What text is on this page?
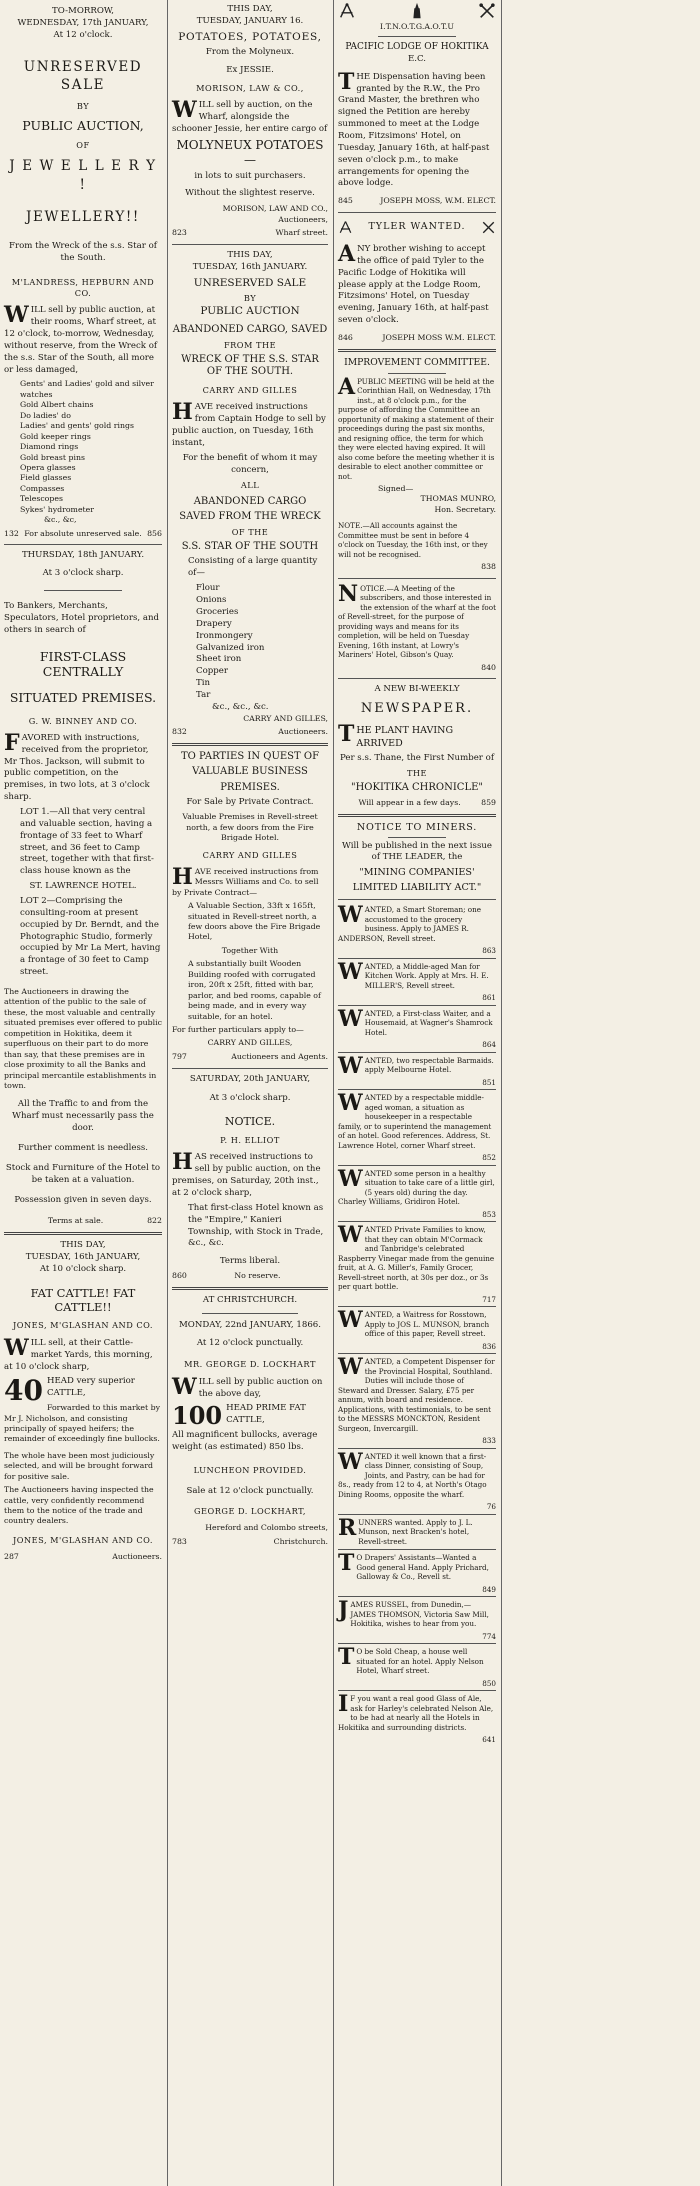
TO-MORROW,
WEDNESDAY, 17th JANUARY,
At 12 o'clock.
UNRESERVED SALE
BY
PUBLIC AUCTION,
OF
J E W E L L E R Y !
JEWELLERY!!

From the Wreck of the s.s. Star of the South.

M'LANDRESS, HEPBURN AND CO.

WILL sell by public auction, at their rooms, Wharf street, at 12 o'clock, to-morrow, Wednesday, without reserve, from the Wreck of the s.s. Star of the South, all more or less damaged,

Gents' and Ladies' gold and silver watches
Gold Albert chains
Do ladies' do
Ladies' and gents' gold rings
Gold keeper rings
Diamond rings
Gold breast pins
Opera glasses
Field glasses
Compasses
Telescopes
Sykes' hydrometer
&c., &c,
132 For absolute unreserved sale. 856
THURSDAY, 18th JANUARY.
At 3 o'clock sharp.

To Bankers, Merchants, Speculators, Hotel proprietors, and others in search of

FIRST-CLASS CENTRALLY
SITUATED PREMISES.
G. W. BINNEY AND CO.

FAVORED with instructions, received from the proprietor, Mr Thos. Jackson, will submit to public competition, on the premises, in two lots, at 3 o'clock sharp.

LOT 1.—All that very central and valuable section, having a frontage of 33 feet to Wharf street, and 36 feet to Camp street, together with that first-class house known as the

ST. LAWRENCE HOTEL.

LOT 2—Comprising the consulting-room at present occupied by Dr. Berndt, and the Photographic Studio, formerly occupied by Mr La Mert, having a frontage of 30 feet to Camp street.

The Auctioneers in drawing the attention of the public to the sale of these, the most valuable and centrally situated premises ever offered to public competition in Hokitika, deem it superfluous on their part to do more than say, that these premises are in close proximity to all the Banks and principal mercantile establishments in town.

All the Traffic to and from the Wharf must necessarily pass the door.

Further comment is needless.

Stock and Furniture of the Hotel to be taken at a valuation.

Possession given in seven days.

Terms at sale.	822
THIS DAY,
TUESDAY, 16th JANUARY,
At 10 o'clock sharp.
FAT CATTLE! FAT CATTLE!!
JONES, M'GLASHAN AND CO.

WILL sell, at their Cattle-market Yards, this morning, at 10 o'clock sharp,

40 HEAD very superior CATTLE,

Forwarded to this market by Mr J. Nicholson, and consisting principally of spayed heifers; the remainder of exceedingly fine bullocks.

The whole have been most judiciously selected, and will be brought forward for positive sale.

The Auctioneers having inspected the cattle, very confidently recommend them to the notice of the trade and country dealers.

JONES, M'GLASHAN AND CO.
287	Auctioneers.
THIS DAY,
TUESDAY, JANUARY 16.
POTATOES, POTATOES,
From the Molyneux.
Ex JESSIE.
MORISON, LAW & CO.,

WILL sell by auction, on the Wharf, alongside the schooner Jessie, her entire cargo of

MOLYNEUX POTATOES—
in lots to suit purchasers.
Without the slightest reserve.
MORISON, LAW AND CO.,
Auctioneers,
823	Wharf street.
THIS DAY,
TUESDAY, 16th JANUARY.
UNRESERVED SALE
BY
PUBLIC AUCTION
ABANDONED CARGO, SAVED
FROM THE
WRECK OF THE S.S. STAR OF THE SOUTH.
CARRY AND GILLES

HAVE received instructions from Captain Hodge to sell by public auction, on Tuesday, 16th instant,

For the benefit of whom it may concern,

ALL
ABANDONED CARGO
SAVED FROM THE WRECK
OF THE
S.S. STAR OF THE SOUTH

Consisting of a large quantity of—

Flour
Onions
Groceries
Drapery
Ironmongery
Galvanized iron
Sheet iron
Copper
Tin
Tar
&c., &c., &c.
CARRY AND GILLES,
832	Auctioneers.
TO PARTIES IN QUEST OF
VALUABLE BUSINESS
PREMISES.
For Sale by Private Contract.

Valuable Premises in Revell-street north, a few doors from the Fire Brigade Hotel.

CARRY AND GILLES

HAVE received instructions from Messrs Williams and Co. to sell by Private Contract—

A Valuable Section, 33ft x 165ft, situated in Revell-street north, a few doors above the Fire Brigade Hotel,

Together With

A substantially built Wooden Building roofed with corrugated iron, 20ft x 25ft, fitted with bar, parlor, and bed rooms, capable of being made, and in every way suitable, for an hotel.

For further particulars apply to—

CARRY AND GILLES,
797	Auctioneers and Agents.
SATURDAY, 20th JANUARY,
At 3 o'clock sharp.
NOTICE.
P. H. ELLIOT

HAS received instructions to sell by public auction, on the premises, on Saturday, 20th inst., at 2 o'clock sharp,

That first-class Hotel known as the "Empire," Kanieri Township, with Stock in Trade, &c., &c.

Terms liberal.
860	No reserve.
AT CHRISTCHURCH.
MONDAY, 22nd JANUARY, 1866.
At 12 o'clock punctually.
MR. GEORGE D. LOCKHART

WILL sell by public auction on the above day,

100 HEAD PRIME FAT CATTLE,

All magnificent bullocks, average weight (as estimated) 850 lbs.

LUNCHEON PROVIDED.
Sale at 12 o'clock punctually.
GEORGE D. LOCKHART,
Hereford and Colombo streets,
783	Christchurch.
I.T.N.O.T.G.A.O.T.U
PACIFIC LODGE OF HOKITIKA
E.C.

THE Dispensation having been granted by the R.W., the Pro Grand Master, the brethren who signed the Petition are hereby summoned to meet at the Lodge Room, Fitzsimons' Hotel, on Tuesday, January 16th, at half-past seven o'clock p.m., to make arrangements for opening the above lodge.

845	JOSEPH MOSS, W.M. ELECT.
TYLER WANTED.

ANY brother wishing to accept the office of paid Tyler to the Pacific Lodge of Hokitika will please apply at the Lodge Room, Fitzsimons' Hotel, on Tuesday evening, January 16th, at half-past seven o'clock.

846	JOSEPH MOSS W.M. ELECT.
IMPROVEMENT COMMITTEE.

APUBLIC MEETING will be held at the Corinthian Hall, on Wednesday, 17th inst., at 8 o'clock p.m., for the purpose of affording the Committee an opportunity of making a statement of their proceedings during the past six months, and resigning office, the term for which they were elected having expired. It will also come before the meeting whether it is desirable to elect another committee or not.

Signed—
THOMAS MUNRO,
Hon. Secretary.

NOTE.—All accounts against the Committee must be sent in before 4 o'clock on Tuesday, the 16th inst, or they will not be recognised.

838

NOTICE.—A Meeting of the subscribers, and those interested in the extension of the wharf at the foot of Revell-street, for the purpose of providing ways and means for its completion, will be held on Tuesday Evening, 16th instant, at Lowry's Mariners' Hotel, Gibson's Quay.

840
A NEW BI-WEEKLY
NEWSPAPER.

THE PLANT HAVING ARRIVED

Per s.s. Thane, the First Number of
THE
"HOKITIKA CHRONICLE"
Will appear in a few days.	859
NOTICE TO MINERS.

Will be published in the next issue of THE LEADER, the

"MINING COMPANIES'
LIMITED LIABILITY ACT."

WANTED, a Smart Storeman; one accustomed to the grocery business. Apply to JAMES R. ANDERSON, Revell street.

863

WANTED, a Middle-aged Man for Kitchen Work. Apply at Mrs. H. E. MILLER'S, Revell street.

861

WANTED, a First-class Waiter, and a Housemaid, at Wagner's Shamrock Hotel.

864

WANTED, two respectable Barmaids. apply Melbourne Hotel.

851

WANTED by a respectable middle-aged woman, a situation as housekeeper in a respectable family, or to superintend the management of an hotel. Good references. Address, St. Lawrence Hotel, corner Wharf street.

852

WANTED some person in a healthy situation to take care of a little girl, (5 years old) during the day. Charley Williams, Gridiron Hotel.

853

WANTED Private Families to know, that they can obtain M'Cormack and Tanbridge's celebrated Raspberry Vinegar made from the genuine fruit, at A. G. Miller's, Family Grocer, Revell-street north, at 30s per doz., or 3s per quart bottle.

717

WANTED, a Waitress for Rosstown, Apply to JOS L. MUNSON, branch office of this paper, Revell street.

836

WANTED, a Competent Dispenser for the Provincial Hospital, Southland. Duties will include those of Steward and Dresser. Salary, £75 per annum, with board and residence. Applications, with testimonials, to be sent to the MESSRS MONCKTON, Resident Surgeon, Invercargill.

833

WANTED it well known that a first-class Dinner, consisting of Soup, Joints, and Pastry, can be had for 8s., ready from 12 to 4, at North's Otago Dining Rooms, opposite the wharf.

76

RUNNERS wanted. Apply to J. L. Munson, next Bracken's hotel, Revell-street.

TO Drapers' Assistants—Wanted a Good general Hand. Apply Prichard, Galloway & Co., Revell st.

849

JAMES RUSSEL, from Dunedin,— JAMES THOMSON, Victoria Saw Mill, Hokitika, wishes to hear from you.

774

TO be Sold Cheap, a house well situated for an hotel. Apply Nelson Hotel, Wharf street.

850

IF you want a real good Glass of Ale, ask for Harley's celebrated Nelson Ale, to be had at nearly all the Hotels in Hokitika and surrounding districts.

641
